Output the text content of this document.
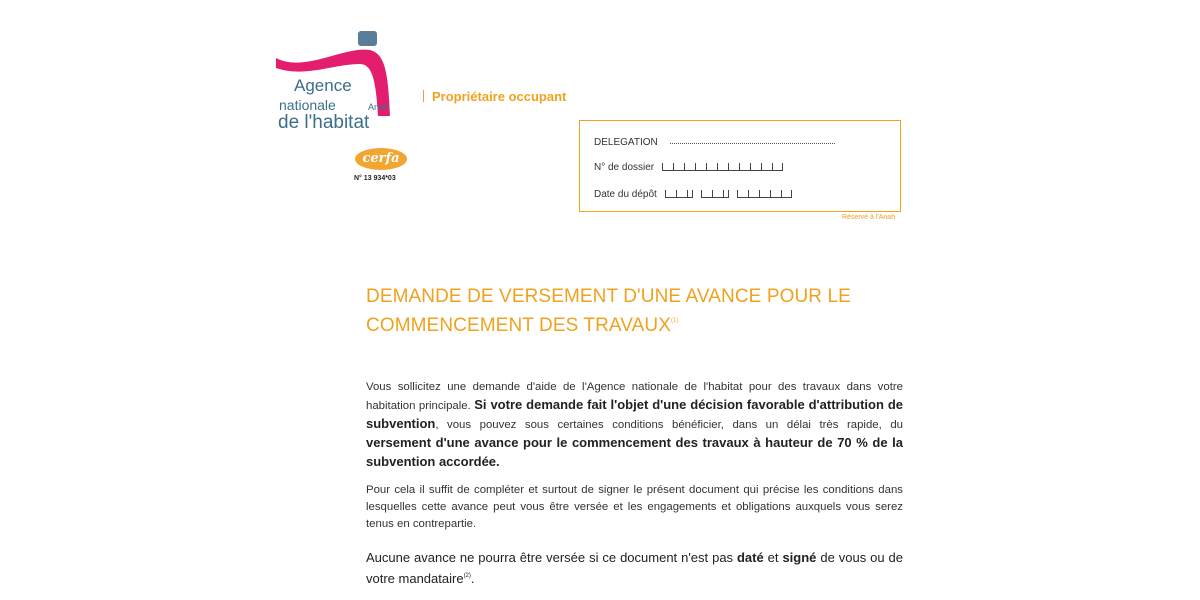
Agence
nationale	Anah
de l'habitat
cerfa
N° 13 934*03
Propriétaire occupant
DELEGATION
N° de dossier
Date du dépôt
Réservé à l'Anah
DEMANDE DE VERSEMENT D'UNE AVANCE POUR LE
COMMENCEMENT DES TRAVAUX$^{(1)}$
Vous sollicitez une demande d'aide de l'Agence nationale de l'habitat pour des travaux dans votre habitation principale. Si votre demande fait l'objet d'une décision favorable d'attribution de subvention, vous pouvez sous certaines conditions bénéficier, dans un délai très rapide, du versement d'une avance pour le commencement des travaux à hauteur de 70 % de la subvention accordée.
Pour cela il suffit de compléter et surtout de signer le présent document qui précise les conditions dans lesquelles cette avance peut vous être versée et les engagements et obligations auxquels vous serez tenus en contrepartie.
Aucune avance ne pourra être versée si ce document n'est pas daté et signé de vous ou de votre mandataire$^{(2)}$.
